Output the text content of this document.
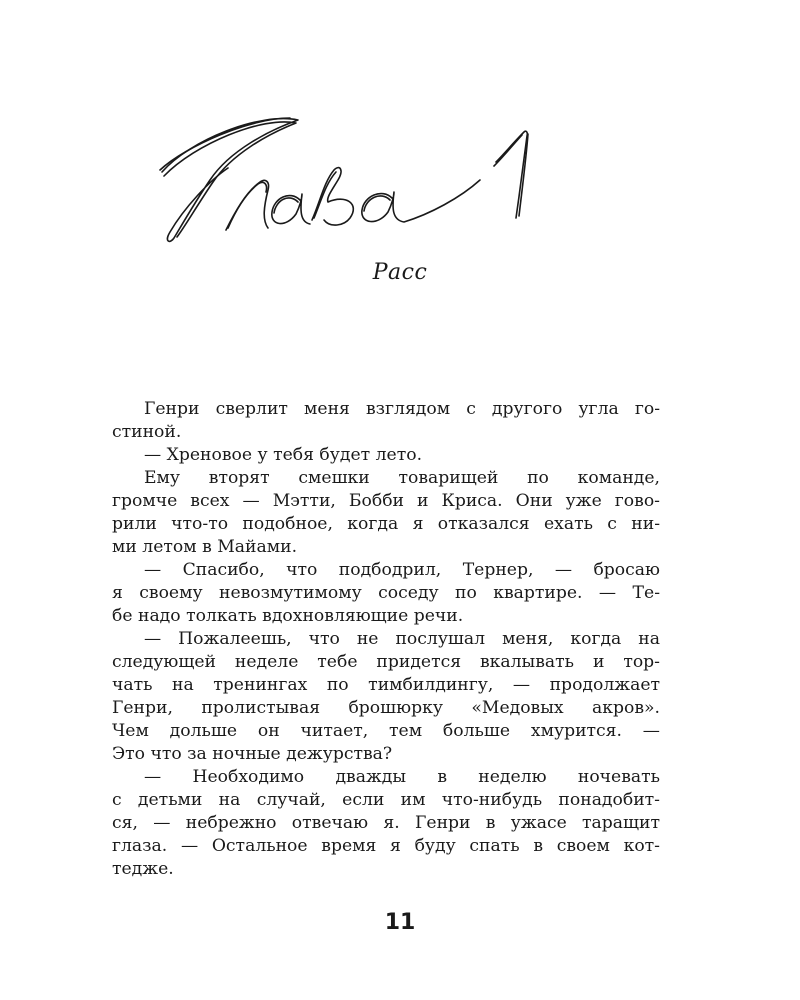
Расс
Генри сверлит меня взглядом с другого угла го-
стиной.
— Хреновое у тебя будет лето.
Ему вторят смешки товарищей по команде,
громче всех — Мэтти, Бобби и Криса. Они уже гово-
рили что-то подобное, когда я отказался ехать с ни-
ми летом в Майами.
— Спасибо, что подбодрил, Тернер, — бросаю
я своему невозмутимому соседу по квартире. — Те-
бе надо толкать вдохновляющие речи.
— Пожалеешь, что не послушал меня, когда на
следующей неделе тебе придется вкалывать и тор-
чать на тренингах по тимбилдингу, — продолжает
Генри, пролистывая брошюрку «Медовых акров».
Чем дольше он читает, тем больше хмурится. —
Это что за ночные дежурства?
— Необходимо дважды в неделю ночевать
с детьми на случай, если им что-нибудь понадобит-
ся, — небрежно отвечаю я. Генри в ужасе таращит
глаза. — Остальное время я буду спать в своем кот-
тедже.
11
